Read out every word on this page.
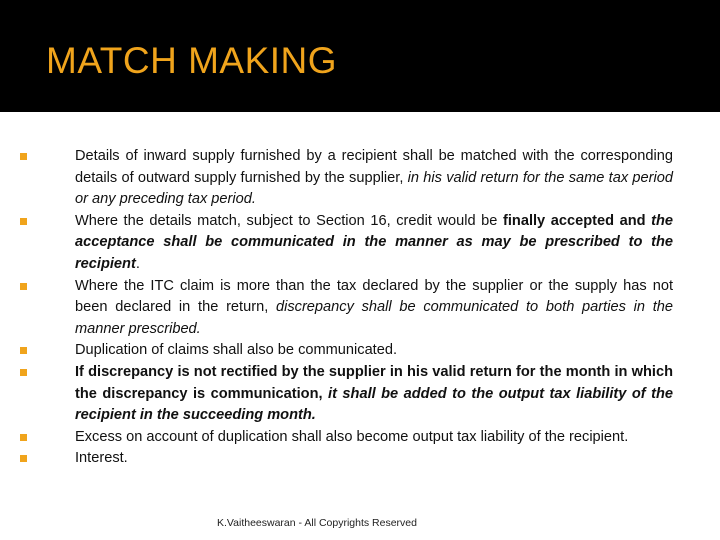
MATCH MAKING
Details of inward supply furnished by a recipient shall be matched with the corresponding details of outward supply furnished by the supplier, in his valid return for the same tax period or any preceding tax period.
Where the details match, subject to Section 16, credit would be finally accepted and the acceptance shall be communicated in the manner as may be prescribed to the recipient.
Where the ITC claim is more than the tax declared by the supplier or the supply has not been declared in the return, discrepancy shall be communicated to both parties in the manner prescribed.
Duplication of claims shall also be communicated.
If discrepancy is not rectified by the supplier in his valid return for the month in which the discrepancy is communication, it shall be added to the output tax liability of the recipient in the succeeding month.
Excess on account of duplication shall also become output tax liability of the recipient.
Interest.
K.Vaitheeswaran - All Copyrights Reserved
